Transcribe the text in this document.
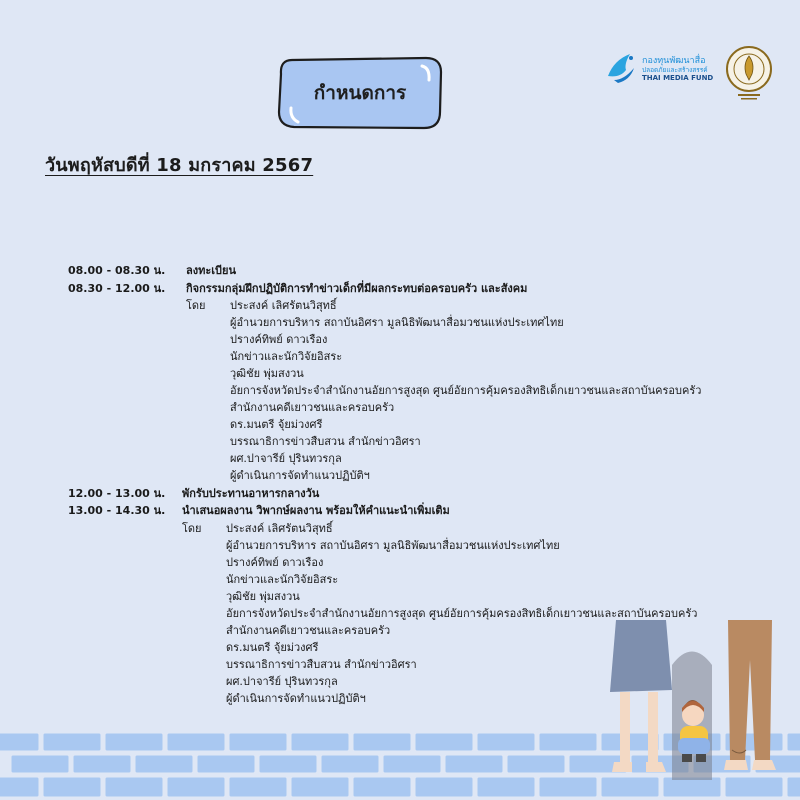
กำหนดการ
วันพฤหัสบดีที่ 18 มกราคม 2567
กองทุนพัฒนาสื่อ
ปลอดภัยและสร้างสรรค์
THAI MEDIA FUND
08.00 - 08.30 น. ลงทะเบียน
08.30 - 12.00 น. กิจกรรมกลุ่มฝึกปฏิบัติการทำข่าวเด็กที่มีผลกระทบต่อครอบครัว และสังคม
โดย ประสงค์ เลิศรัตนวิสุทธิ์
ผู้อำนวยการบริหาร สถาบันอิศรา มูลนิธิพัฒนาสื่อมวชนแห่งประเทศไทย
ปรางค์ทิพย์ ดาวเรือง
นักข่าวและนักวิจัยอิสระ
วุฒิชัย พุ่มสงวน
อัยการจังหวัดประจำสำนักงานอัยการสูงสุด ศูนย์อัยการคุ้มครองสิทธิเด็กเยาวชนและสถาบันครอบครัว
สำนักงานคดีเยาวชนและครอบครัว
ดร.มนตรี จุ้ยม่วงศรี
บรรณาธิการข่าวสืบสวน สำนักข่าวอิศรา
ผศ.ปาจารีย์ ปุรินทวรกุล
ผู้ดำเนินการจัดทำแนวปฏิบัติฯ
12.00 - 13.00 น. พักรับประทานอาหารกลางวัน
13.00 - 14.30 น. นำเสนอผลงาน วิพากษ์ผลงาน พร้อมให้คำแนะนำเพิ่มเติม
โดย ประสงค์ เลิศรัตนวิสุทธิ์
ผู้อำนวยการบริหาร สถาบันอิศรา มูลนิธิพัฒนาสื่อมวชนแห่งประเทศไทย
ปรางค์ทิพย์ ดาวเรือง
นักข่าวและนักวิจัยอิสระ
วุฒิชัย พุ่มสงวน
อัยการจังหวัดประจำสำนักงานอัยการสูงสุด ศูนย์อัยการคุ้มครองสิทธิเด็กเยาวชนและสถาบันครอบครัว
สำนักงานคดีเยาวชนและครอบครัว
ดร.มนตรี จุ้ยม่วงศรี
บรรณาธิการข่าวสืบสวน สำนักข่าวอิศรา
ผศ.ปาจารีย์ ปุรินทวรกุล
ผู้ดำเนินการจัดทำแนวปฏิบัติฯ
